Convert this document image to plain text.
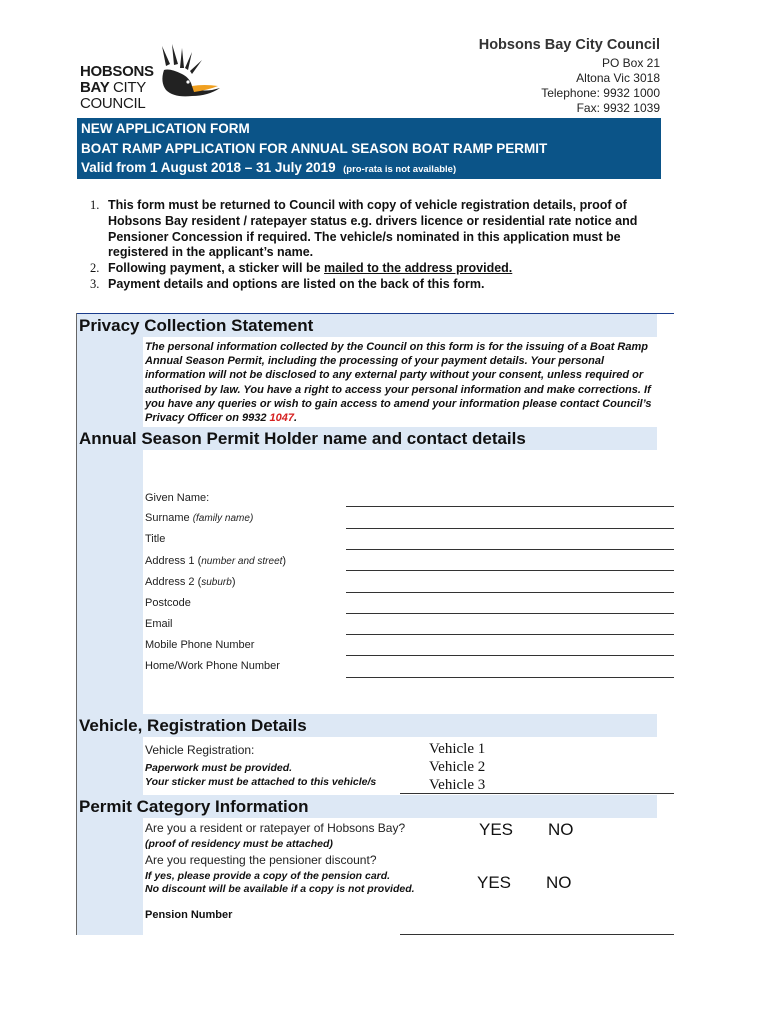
HOBSONS
BAY CITY
COUNCIL
Hobsons Bay City Council
PO Box 21
Altona Vic 3018
Telephone: 9932 1000
Fax: 9932 1039
NEW APPLICATION FORM
BOAT RAMP APPLICATION FOR ANNUAL SEASON BOAT RAMP PERMIT
Valid from 1 August 2018 – 31 July 2019 (pro-rata is not available)
1. This form must be returned to Council with copy of vehicle registration details, proof of Hobsons Bay resident / ratepayer status e.g. drivers licence or residential rate notice and Pensioner Concession if required. The vehicle/s nominated in this application must be registered in the applicant’s name.
2. Following payment, a sticker will be mailed to the address provided.
3. Payment details and options are listed on the back of this form.
Privacy Collection Statement
The personal information collected by the Council on this form is for the issuing of a Boat Ramp Annual Season Permit, including the processing of your payment details. Your personal information will not be disclosed to any external party without your consent, unless required or authorised by law. You have a right to access your personal information and make corrections. If you have any queries or wish to gain access to amend your information please contact Council’s Privacy Officer on 9932 1047.
Annual Season Permit Holder name and contact details
Given Name:
Surname (family name)
Title
Address 1 (number and street)
Address 2 (suburb)
Postcode
Email
Mobile Phone Number
Home/Work Phone Number
Vehicle, Registration Details
Vehicle Registration:
Paperwork must be provided.
Your sticker must be attached to this vehicle/s
Vehicle 1
Vehicle 2
Vehicle 3
Permit Category Information
Are you a resident or ratepayer of Hobsons Bay?
(proof of residency must be attached)
YES NO
Are you requesting the pensioner discount?
If yes, please provide a copy of the pension card.
No discount will be available if a copy is not provided.	YES NO
Pension Number
